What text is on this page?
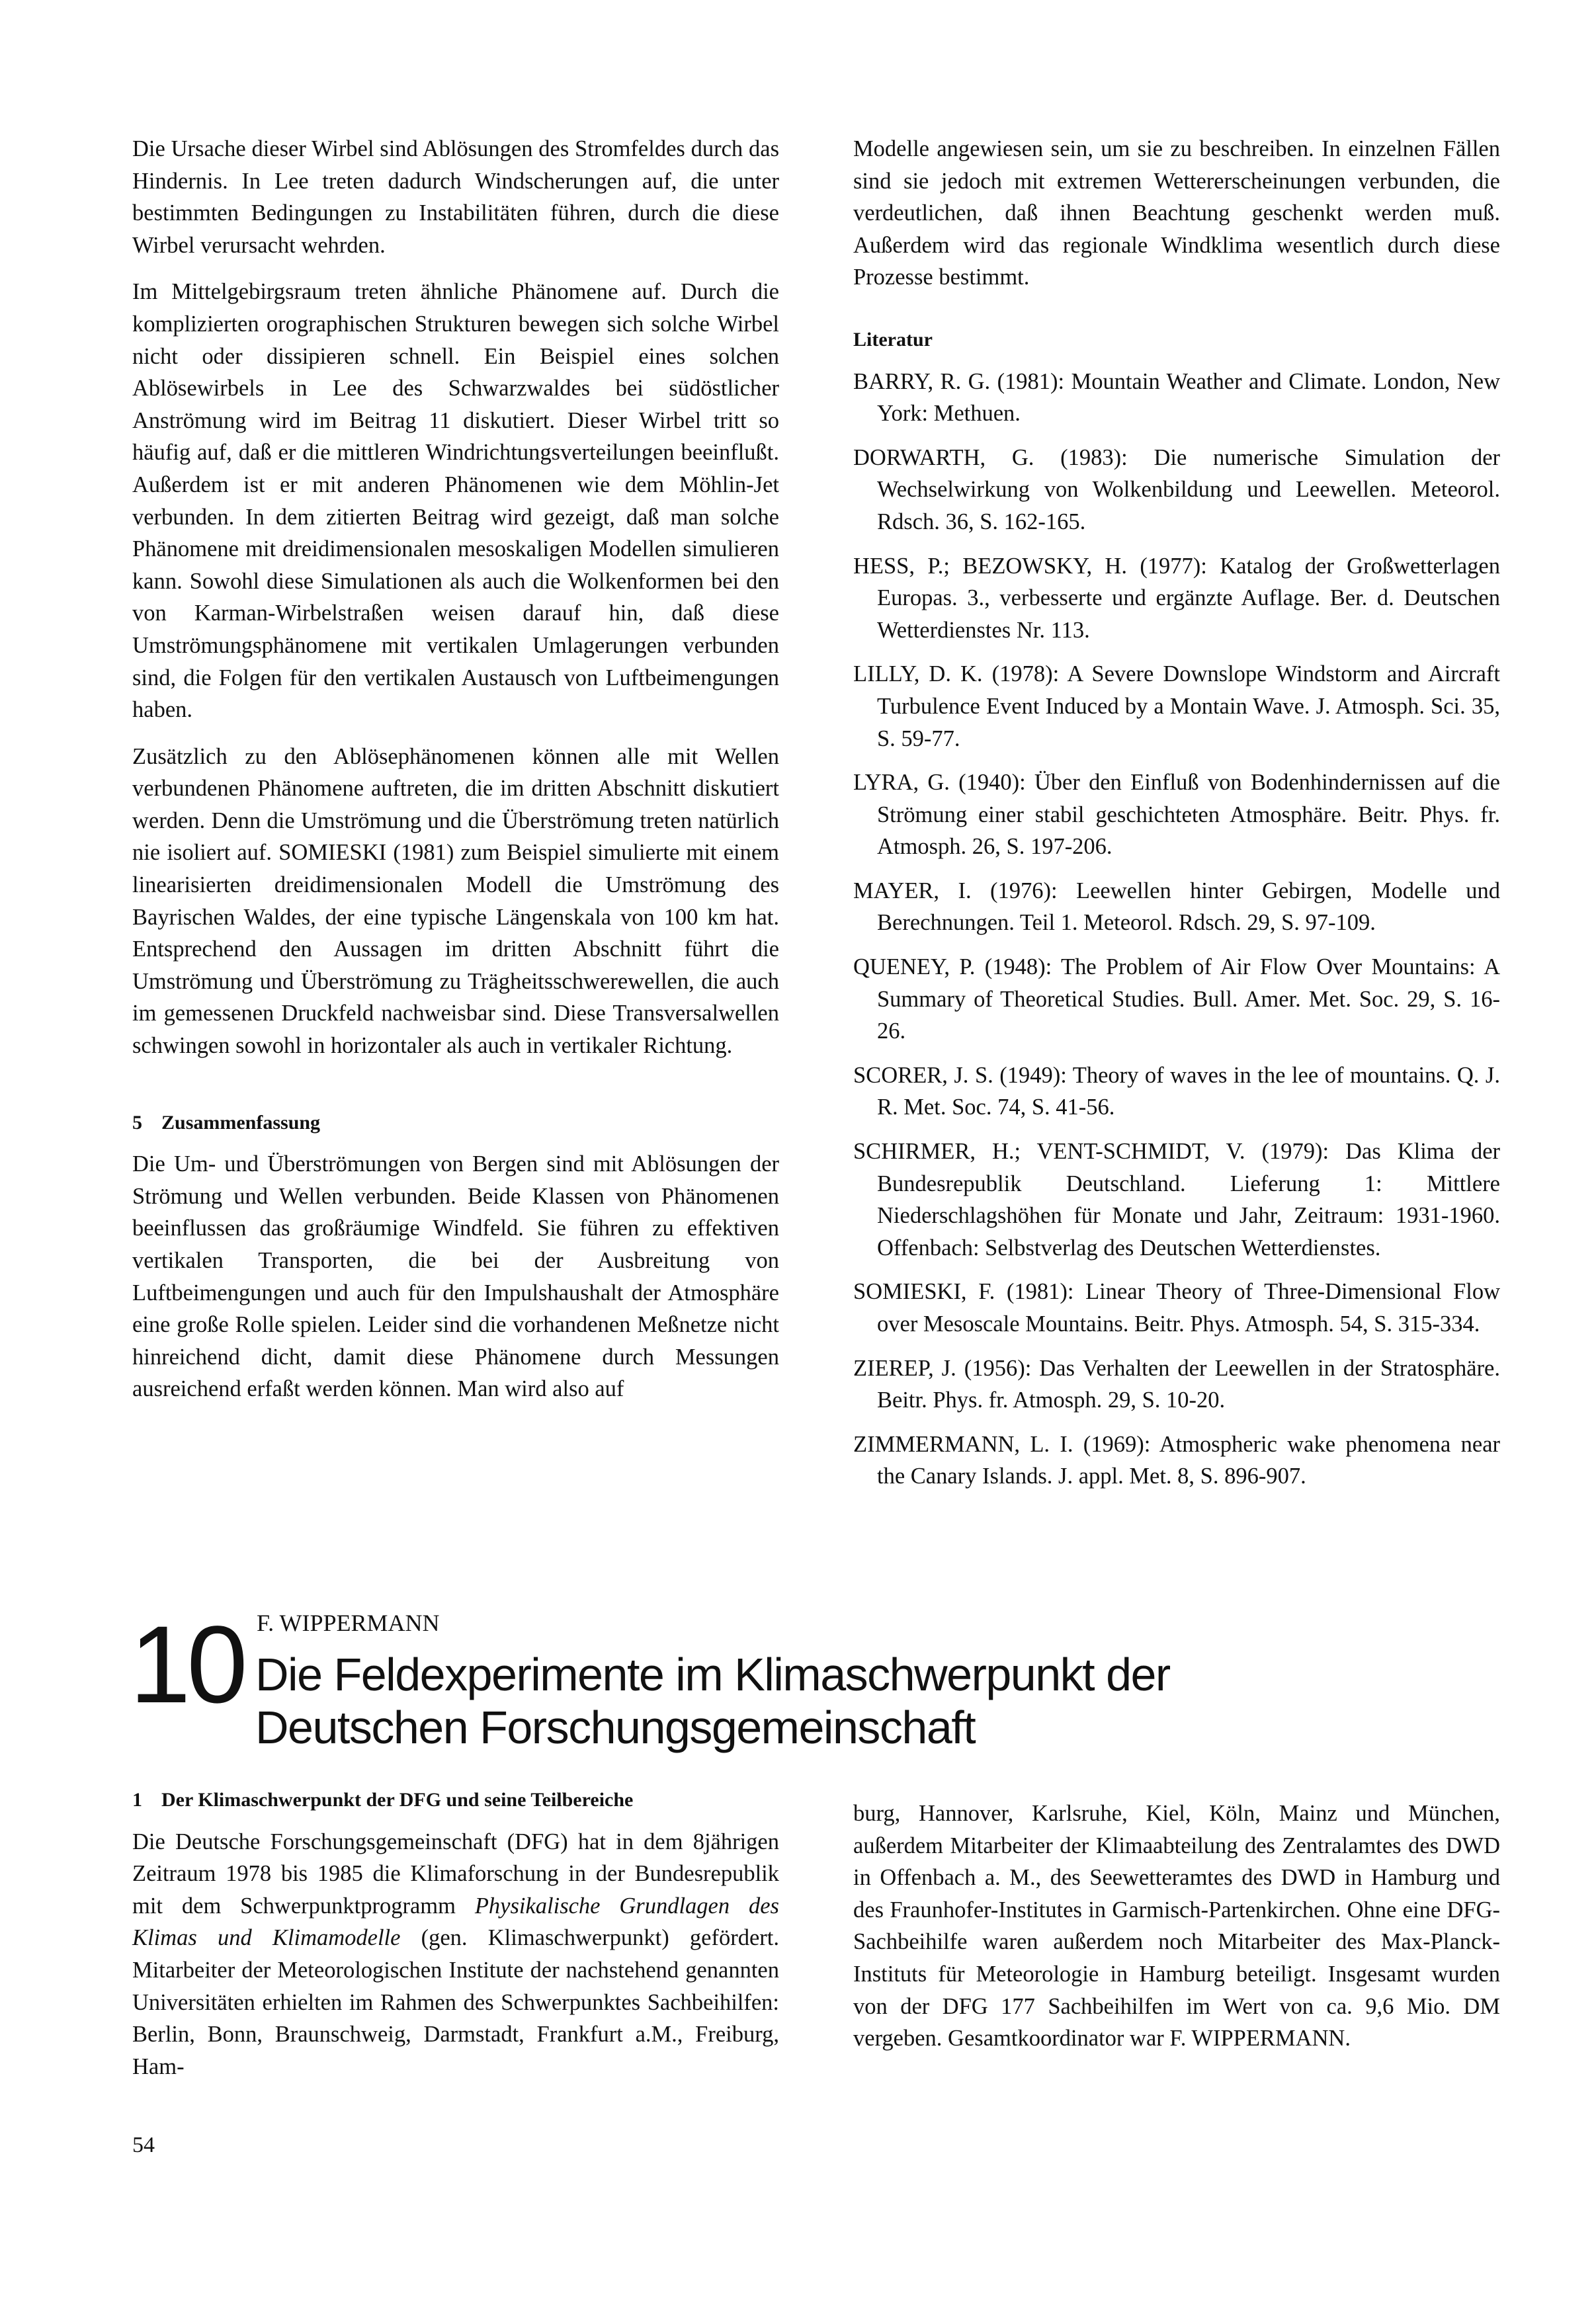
Die Ursache dieser Wirbel sind Ablösungen des Stromfeldes durch das Hindernis. In Lee treten dadurch Windscherungen auf, die unter bestimmten Bedingungen zu Instabilitäten führen, durch die diese Wirbel verursacht wehrden.

Im Mittelgebirgsraum treten ähnliche Phänomene auf. Durch die komplizierten orographischen Strukturen bewegen sich solche Wirbel nicht oder dissipieren schnell. Ein Beispiel eines solchen Ablösewirbels in Lee des Schwarzwaldes bei südöstlicher Anströmung wird im Beitrag 11 diskutiert. Dieser Wirbel tritt so häufig auf, daß er die mittleren Windrichtungsverteilungen beeinflußt. Außerdem ist er mit anderen Phänomenen wie dem Möhlin-Jet verbunden. In dem zitierten Beitrag wird gezeigt, daß man solche Phänomene mit dreidimensionalen mesoskaligen Modellen simulieren kann. Sowohl diese Simulationen als auch die Wolkenformen bei den von Karman-Wirbelstraßen weisen darauf hin, daß diese Umströmungsphänomene mit vertikalen Umlagerungen verbunden sind, die Folgen für den vertikalen Austausch von Luftbeimengungen haben.

Zusätzlich zu den Ablösephänomenen können alle mit Wellen verbundenen Phänomene auftreten, die im dritten Abschnitt diskutiert werden. Denn die Umströmung und die Überströmung treten natürlich nie isoliert auf. SOMIESKI (1981) zum Beispiel simulierte mit einem linearisierten dreidimensionalen Modell die Umströmung des Bayrischen Waldes, der eine typische Längenskala von 100 km hat. Entsprechend den Aussagen im dritten Abschnitt führt die Umströmung und Überströmung zu Trägheitsschwerewellen, die auch im gemessenen Druckfeld nachweisbar sind. Diese Transversalwellen schwingen sowohl in horizontaler als auch in vertikaler Richtung.

5 Zusammenfassung

Die Um- und Überströmungen von Bergen sind mit Ablösungen der Strömung und Wellen verbunden. Beide Klassen von Phänomenen beeinflussen das großräumige Windfeld. Sie führen zu effektiven vertikalen Transporten, die bei der Ausbreitung von Luftbeimengungen und auch für den Impulshaushalt der Atmosphäre eine große Rolle spielen. Leider sind die vorhandenen Meßnetze nicht hinreichend dicht, damit diese Phänomene durch Messungen ausreichend erfaßt werden können. Man wird also auf

Modelle angewiesen sein, um sie zu beschreiben. In einzelnen Fällen sind sie jedoch mit extremen Wettererscheinungen verbunden, die verdeutlichen, daß ihnen Beachtung geschenkt werden muß. Außerdem wird das regionale Windklima wesentlich durch diese Prozesse bestimmt.

Literatur

BARRY, R. G. (1981): Mountain Weather and Climate. London, New York: Methuen.

DORWARTH, G. (1983): Die numerische Simulation der Wechselwirkung von Wolkenbildung und Leewellen. Meteorol. Rdsch. 36, S. 162-165.

HESS, P.; BEZOWSKY, H. (1977): Katalog der Großwetterlagen Europas. 3., verbesserte und ergänzte Auflage. Ber. d. Deutschen Wetterdienstes Nr. 113.

LILLY, D. K. (1978): A Severe Downslope Windstorm and Aircraft Turbulence Event Induced by a Montain Wave. J. Atmosph. Sci. 35, S. 59-77.

LYRA, G. (1940): Über den Einfluß von Bodenhindernissen auf die Strömung einer stabil geschichteten Atmosphäre. Beitr. Phys. fr. Atmosph. 26, S. 197-206.

MAYER, I. (1976): Leewellen hinter Gebirgen, Modelle und Berechnungen. Teil 1. Meteorol. Rdsch. 29, S. 97-109.

QUENEY, P. (1948): The Problem of Air Flow Over Mountains: A Summary of Theoretical Studies. Bull. Amer. Met. Soc. 29, S. 16-26.

SCORER, J. S. (1949): Theory of waves in the lee of mountains. Q. J. R. Met. Soc. 74, S. 41-56.

SCHIRMER, H.; VENT-SCHMIDT, V. (1979): Das Klima der Bundesrepublik Deutschland. Lieferung 1: Mittlere Niederschlagshöhen für Monate und Jahr, Zeitraum: 1931-1960. Offenbach: Selbstverlag des Deutschen Wetterdienstes.

SOMIESKI, F. (1981): Linear Theory of Three-Dimensional Flow over Mesoscale Mountains. Beitr. Phys. Atmosph. 54, S. 315-334.

ZIEREP, J. (1956): Das Verhalten der Leewellen in der Stratosphäre. Beitr. Phys. fr. Atmosph. 29, S. 10-20.

ZIMMERMANN, L. I. (1969): Atmospheric wake phenomena near the Canary Islands. J. appl. Met. 8, S. 896-907.

10 F. WIPPERMANN
Die Feldexperimente im Klimaschwerpunkt der
Deutschen Forschungsgemeinschaft

1 Der Klimaschwerpunkt der DFG und seine Teilbereiche

Die Deutsche Forschungsgemeinschaft (DFG) hat in dem 8jährigen Zeitraum 1978 bis 1985 die Klimaforschung in der Bundesrepublik mit dem Schwerpunktprogramm Physikalische Grundlagen des Klimas und Klimamodelle (gen. Klimaschwerpunkt) gefördert. Mitarbeiter der Meteorologischen Institute der nachstehend genannten Universitäten erhielten im Rahmen des Schwerpunktes Sachbeihilfen: Berlin, Bonn, Braunschweig, Darmstadt, Frankfurt a.M., Freiburg, Ham-

burg, Hannover, Karlsruhe, Kiel, Köln, Mainz und München, außerdem Mitarbeiter der Klimaabteilung des Zentralamtes des DWD in Offenbach a. M., des Seewetteramtes des DWD in Hamburg und des Fraunhofer-Institutes in Garmisch-Partenkirchen. Ohne eine DFG-Sachbeihilfe waren außerdem noch Mitarbeiter des Max-Planck-Instituts für Meteorologie in Hamburg beteiligt. Insgesamt wurden von der DFG 177 Sachbeihilfen im Wert von ca. 9,6 Mio. DM vergeben. Gesamtkoordinator war F. WIPPERMANN.

54
